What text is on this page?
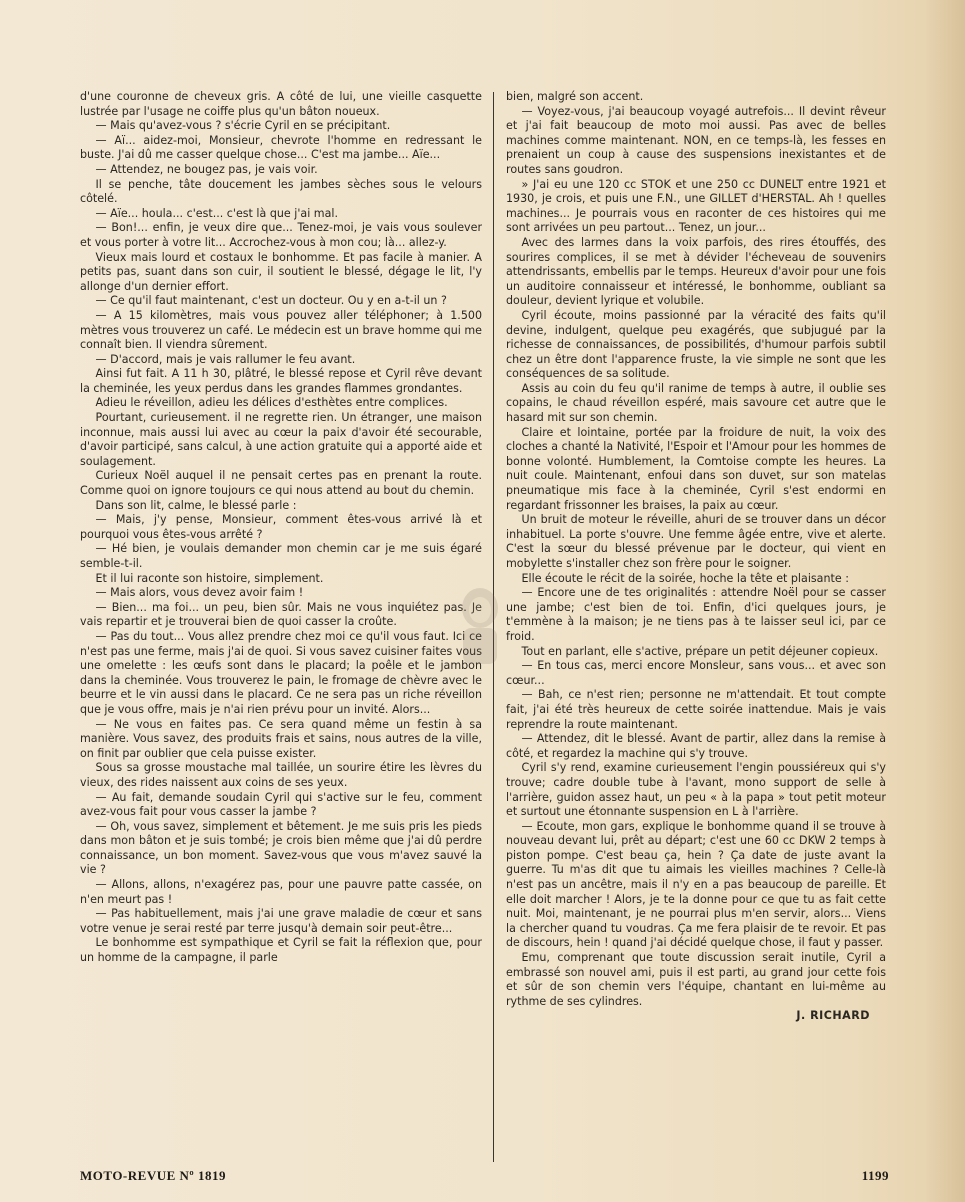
d'une couronne de cheveux gris. A côté de lui, une vieille casquette lustrée par l'usage ne coiffe plus qu'un bâton noueux.

— Mais qu'avez-vous ? s'écrie Cyril en se précipitant.

— Aï... aidez-moi, Monsieur, chevrote l'homme en redressant le buste. J'ai dû me casser quelque chose... C'est ma jambe... Aïe...

— Attendez, ne bougez pas, je vais voir.

Il se penche, tâte doucement les jambes sèches sous le velours côtelé.

— Aïe... houla... c'est... c'est là que j'ai mal.

— Bon!... enfin, je veux dire que... Tenez-moi, je vais vous soulever et vous porter à votre lit... Accrochez-vous à mon cou; là... allez-y.

Vieux mais lourd et costaux le bonhomme. Et pas facile à manier. A petits pas, suant dans son cuir, il soutient le blessé, dégage le lit, l'y allonge d'un dernier effort.

— Ce qu'il faut maintenant, c'est un docteur. Ou y en a-t-il un ?

— A 15 kilomètres, mais vous pouvez aller téléphoner; à 1.500 mètres vous trouverez un café. Le médecin est un brave homme qui me connaît bien. Il viendra sûrement.

— D'accord, mais je vais rallumer le feu avant.

Ainsi fut fait. A 11 h 30, plâtré, le blessé repose et Cyril rêve devant la cheminée, les yeux perdus dans les grandes flammes grondantes.

Adieu le réveillon, adieu les délices d'esthètes entre complices.

Pourtant, curieusement. il ne regrette rien. Un étranger, une maison inconnue, mais aussi lui avec au cœur la paix d'avoir été secourable, d'avoir participé, sans calcul, à une action gratuite qui a apporté aide et soulagement.

Curieux Noël auquel il ne pensait certes pas en prenant la route. Comme quoi on ignore toujours ce qui nous attend au bout du chemin.

Dans son lit, calme, le blessé parle :

— Mais, j'y pense, Monsieur, comment êtes-vous arrivé là et pourquoi vous êtes-vous arrêté ?

— Hé bien, je voulais demander mon chemin car je me suis égaré semble-t-il.

Et il lui raconte son histoire, simplement.

— Mais alors, vous devez avoir faim !

— Bien... ma foi... un peu, bien sûr. Mais ne vous inquiétez pas. Je vais repartir et je trouverai bien de quoi casser la croûte.

— Pas du tout... Vous allez prendre chez moi ce qu'il vous faut. Ici ce n'est pas une ferme, mais j'ai de quoi. Si vous savez cuisiner faites vous une omelette : les œufs sont dans le placard; la poêle et le jambon dans la cheminée. Vous trouverez le pain, le fromage de chèvre avec le beurre et le vin aussi dans le placard. Ce ne sera pas un riche réveillon que je vous offre, mais je n'ai rien prévu pour un invité. Alors...

— Ne vous en faites pas. Ce sera quand même un festin à sa manière. Vous savez, des produits frais et sains, nous autres de la ville, on finit par oublier que cela puisse exister.

Sous sa grosse moustache mal taillée, un sourire étire les lèvres du vieux, des rides naissent aux coins de ses yeux.

— Au fait, demande soudain Cyril qui s'active sur le feu, comment avez-vous fait pour vous casser la jambe ?

— Oh, vous savez, simplement et bêtement. Je me suis pris les pieds dans mon bâton et je suis tombé; je crois bien même que j'ai dû perdre connaissance, un bon moment. Savez-vous que vous m'avez sauvé la vie ?

— Allons, allons, n'exagérez pas, pour une pauvre patte cassée, on n'en meurt pas !

— Pas habituellement, mais j'ai une grave maladie de cœur et sans votre venue je serai resté par terre jusqu'à demain soir peut-être...

Le bonhomme est sympathique et Cyril se fait la réflexion que, pour un homme de la campagne, il parle

bien, malgré son accent.

— Voyez-vous, j'ai beaucoup voyagé autrefois... Il devint rêveur et j'ai fait beaucoup de moto moi aussi. Pas avec de belles machines comme maintenant. NON, en ce temps-là, les fesses en prenaient un coup à cause des suspensions inexistantes et de routes sans goudron.

» J'ai eu une 120 cc STOK et une 250 cc DUNELT entre 1921 et 1930, je crois, et puis une F.N., une GILLET d'HERSTAL. Ah ! quelles machines... Je pourrais vous en raconter de ces histoires qui me sont arrivées un peu partout... Tenez, un jour...

Avec des larmes dans la voix parfois, des rires étouffés, des sourires complices, il se met à dévider l'écheveau de souvenirs attendrissants, embellis par le temps. Heureux d'avoir pour une fois un auditoire connaisseur et intéressé, le bonhomme, oubliant sa douleur, devient lyrique et volubile.

Cyril écoute, moins passionné par la véracité des faits qu'il devine, indulgent, quelque peu exagérés, que subjugué par la richesse de connaissances, de possibilités, d'humour parfois subtil chez un être dont l'apparence fruste, la vie simple ne sont que les conséquences de sa solitude.

Assis au coin du feu qu'il ranime de temps à autre, il oublie ses copains, le chaud réveillon espéré, mais savoure cet autre que le hasard mit sur son chemin.

Claire et lointaine, portée par la froidure de nuit, la voix des cloches a chanté la Nativité, l'Espoir et l'Amour pour les hommes de bonne volonté. Humblement, la Comtoise compte les heures. La nuit coule. Maintenant, enfoui dans son duvet, sur son matelas pneumatique mis face à la cheminée, Cyril s'est endormi en regardant frissonner les braises, la paix au cœur.

Un bruit de moteur le réveille, ahuri de se trouver dans un décor inhabituel. La porte s'ouvre. Une femme âgée entre, vive et alerte. C'est la sœur du blessé prévenue par le docteur, qui vient en mobylette s'installer chez son frère pour le soigner.

Elle écoute le récit de la soirée, hoche la tête et plaisante :

— Encore une de tes originalités : attendre Noël pour se casser une jambe; c'est bien de toi. Enfin, d'ici quelques jours, je t'emmène à la maison; je ne tiens pas à te laisser seul ici, par ce froid.

Tout en parlant, elle s'active, prépare un petit déjeuner copieux.

— En tous cas, merci encore Monsleur, sans vous... et avec son cœur...

— Bah, ce n'est rien; personne ne m'attendait. Et tout compte fait, j'ai été très heureux de cette soirée inattendue. Mais je vais reprendre la route maintenant.

— Attendez, dit le blessé. Avant de partir, allez dans la remise à côté, et regardez la machine qui s'y trouve.

Cyril s'y rend, examine curieusement l'engin poussiéreux qui s'y trouve; cadre double tube à l'avant, mono support de selle à l'arrière, guidon assez haut, un peu « à la papa » tout petit moteur et surtout une étonnante suspension en L à l'arrière.

— Ecoute, mon gars, explique le bonhomme quand il se trouve à nouveau devant lui, prêt au départ; c'est une 60 cc DKW 2 temps à piston pompe. C'est beau ça, hein ? Ça date de juste avant la guerre. Tu m'as dit que tu aimais les vieilles machines ? Celle-là n'est pas un ancêtre, mais il n'y en a pas beaucoup de pareille. Et elle doit marcher ! Alors, je te la donne pour ce que tu as fait cette nuit. Moi, maintenant, je ne pourrai plus m'en servir, alors... Viens la chercher quand tu voudras. Ça me fera plaisir de te revoir. Et pas de discours, hein ! quand j'ai décidé quelque chose, il faut y passer.

Emu, comprenant que toute discussion serait inutile, Cyril a embrassé son nouvel ami, puis il est parti, au grand jour cette fois et sûr de son chemin vers l'équipe, chantant en lui-même au rythme de ses cylindres.

J. RICHARD

MOTO-REVUE Nº 1819	1199
